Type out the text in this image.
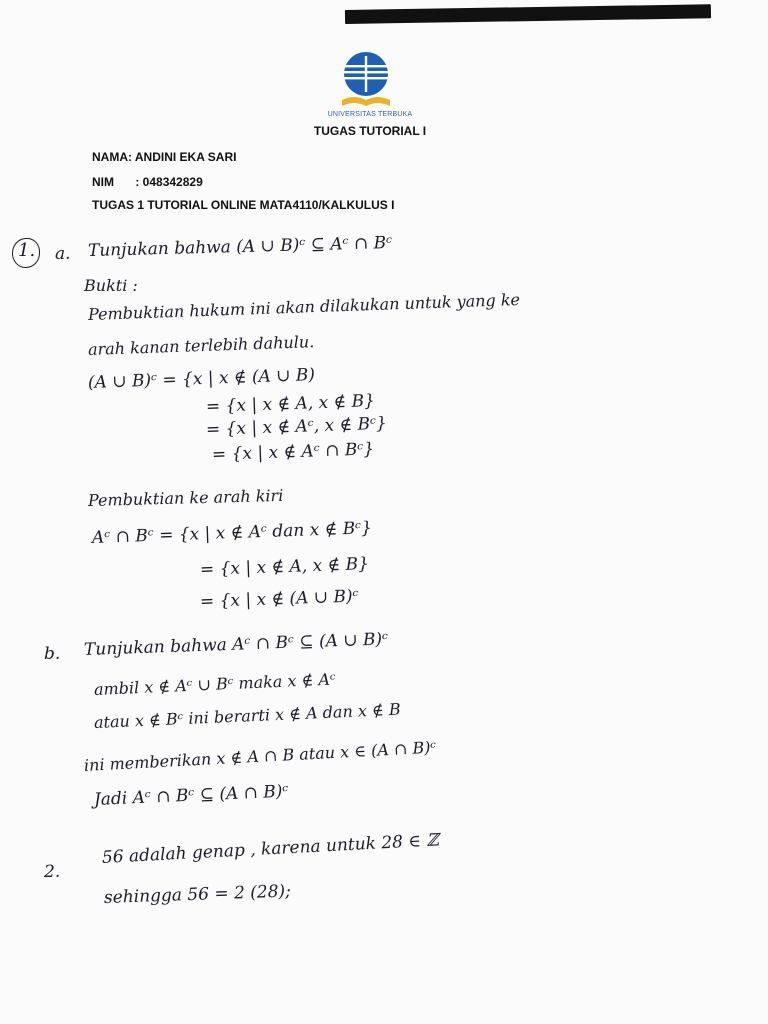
UNIVERSITAS TERBUKA
TUGAS TUTORIAL I
NAMA: ANDINI EKA SARI
NIM : 048342829
TUGAS 1 TUTORIAL ONLINE MATA4110/KALKULUS I
1. a. Tunjukan bahwa (A ∪ B)ᶜ ⊆ Aᶜ ∩ Bᶜ
Bukti :
Pembuktian hukum ini akan dilakukan untuk yang ke
arah kanan terlebih dahulu.
(A ∪ B)ᶜ = {x | x ∉ (A ∪ B)
= {x | x ∉ A, x ∉ B}
= {x | x ∉ Aᶜ, x ∉ Bᶜ}
= {x | x ∉ Aᶜ ∩ Bᶜ}
Pembuktian ke arah kiri
Aᶜ ∩ Bᶜ = {x | x ∉ Aᶜ dan x ∉ Bᶜ}
= {x | x ∉ A, x ∉ B}
= {x | x ∉ (A ∪ B)ᶜ
b. Tunjukan bahwa Aᶜ ∩ Bᶜ ⊆ (A ∪ B)ᶜ
ambil x ∉ Aᶜ ∪ Bᶜ maka x ∉ Aᶜ
atau x ∉ Bᶜ ini berarti x ∉ A dan x ∉ B
ini memberikan x ∉ A ∩ B atau x ∈ (A ∩ B)ᶜ
Jadi Aᶜ ∩ Bᶜ ⊆ (A ∩ B)ᶜ
2.
56 adalah genap , karena untuk 28 ∈ ℤ
sehingga 56 = 2 (28);
